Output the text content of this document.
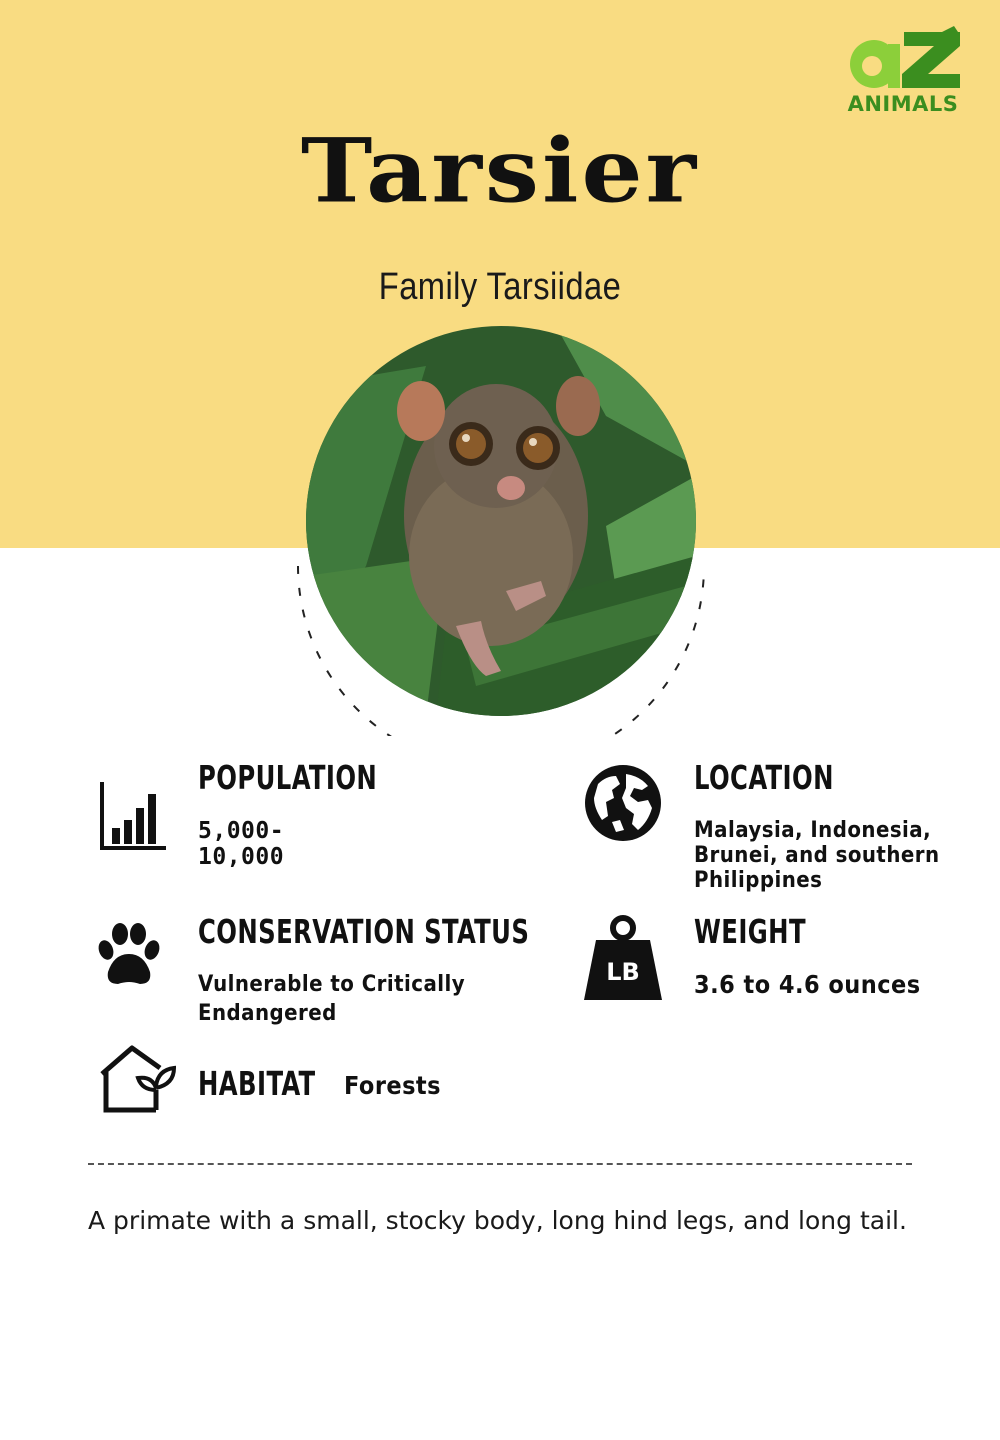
ANIMALS
Tarsier
Family Tarsiidae
POPULATION
5,000-
10,000
LOCATION
Malaysia, Indonesia,
Brunei, and southern
Philippines
CONSERVATION STATUS
Vulnerable to Critically
Endangered
LB
WEIGHT
3.6 to 4.6 ounces
HABITAT Forests
A primate with a small, stocky body, long hind legs, and long tail.
